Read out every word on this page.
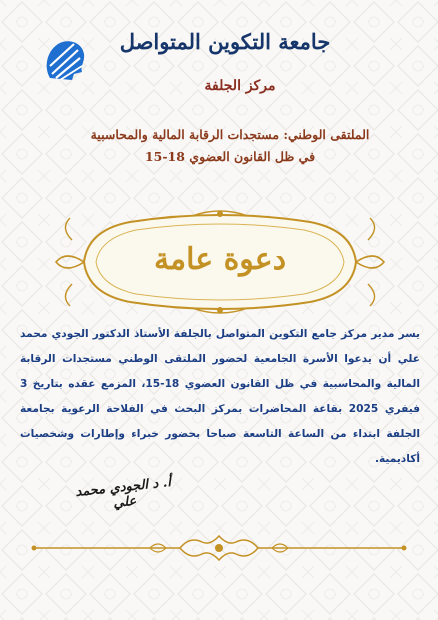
جامعة التكوين المتواصل
مركز الجلفة
الملتقى الوطني: مستجدات الرقابة المالية والمحاسبية
في ظل القانون العضوي 18-15
دعوة عامة
يسر مدير مركز جامع التكوين المتواصل بالجلفة الأستاذ الدكتور الجودي محمد علي أن يدعوا الأسرة الجامعية لحضور الملتقى الوطني مستجدات الرقابة المالية والمحاسبية في ظل القانون العضوي 18-15، المزمع عقده بتاريخ 3 فيفري 2025 بقاعة المحاضرات بمركز البحث في الفلاحة الرعوية بجامعة الجلفة ابتداء من الساعة التاسعة صباحا بحضور خبراء وإطارات وشخصيات أكاديمية.
أ. د الجودي محمد علي
